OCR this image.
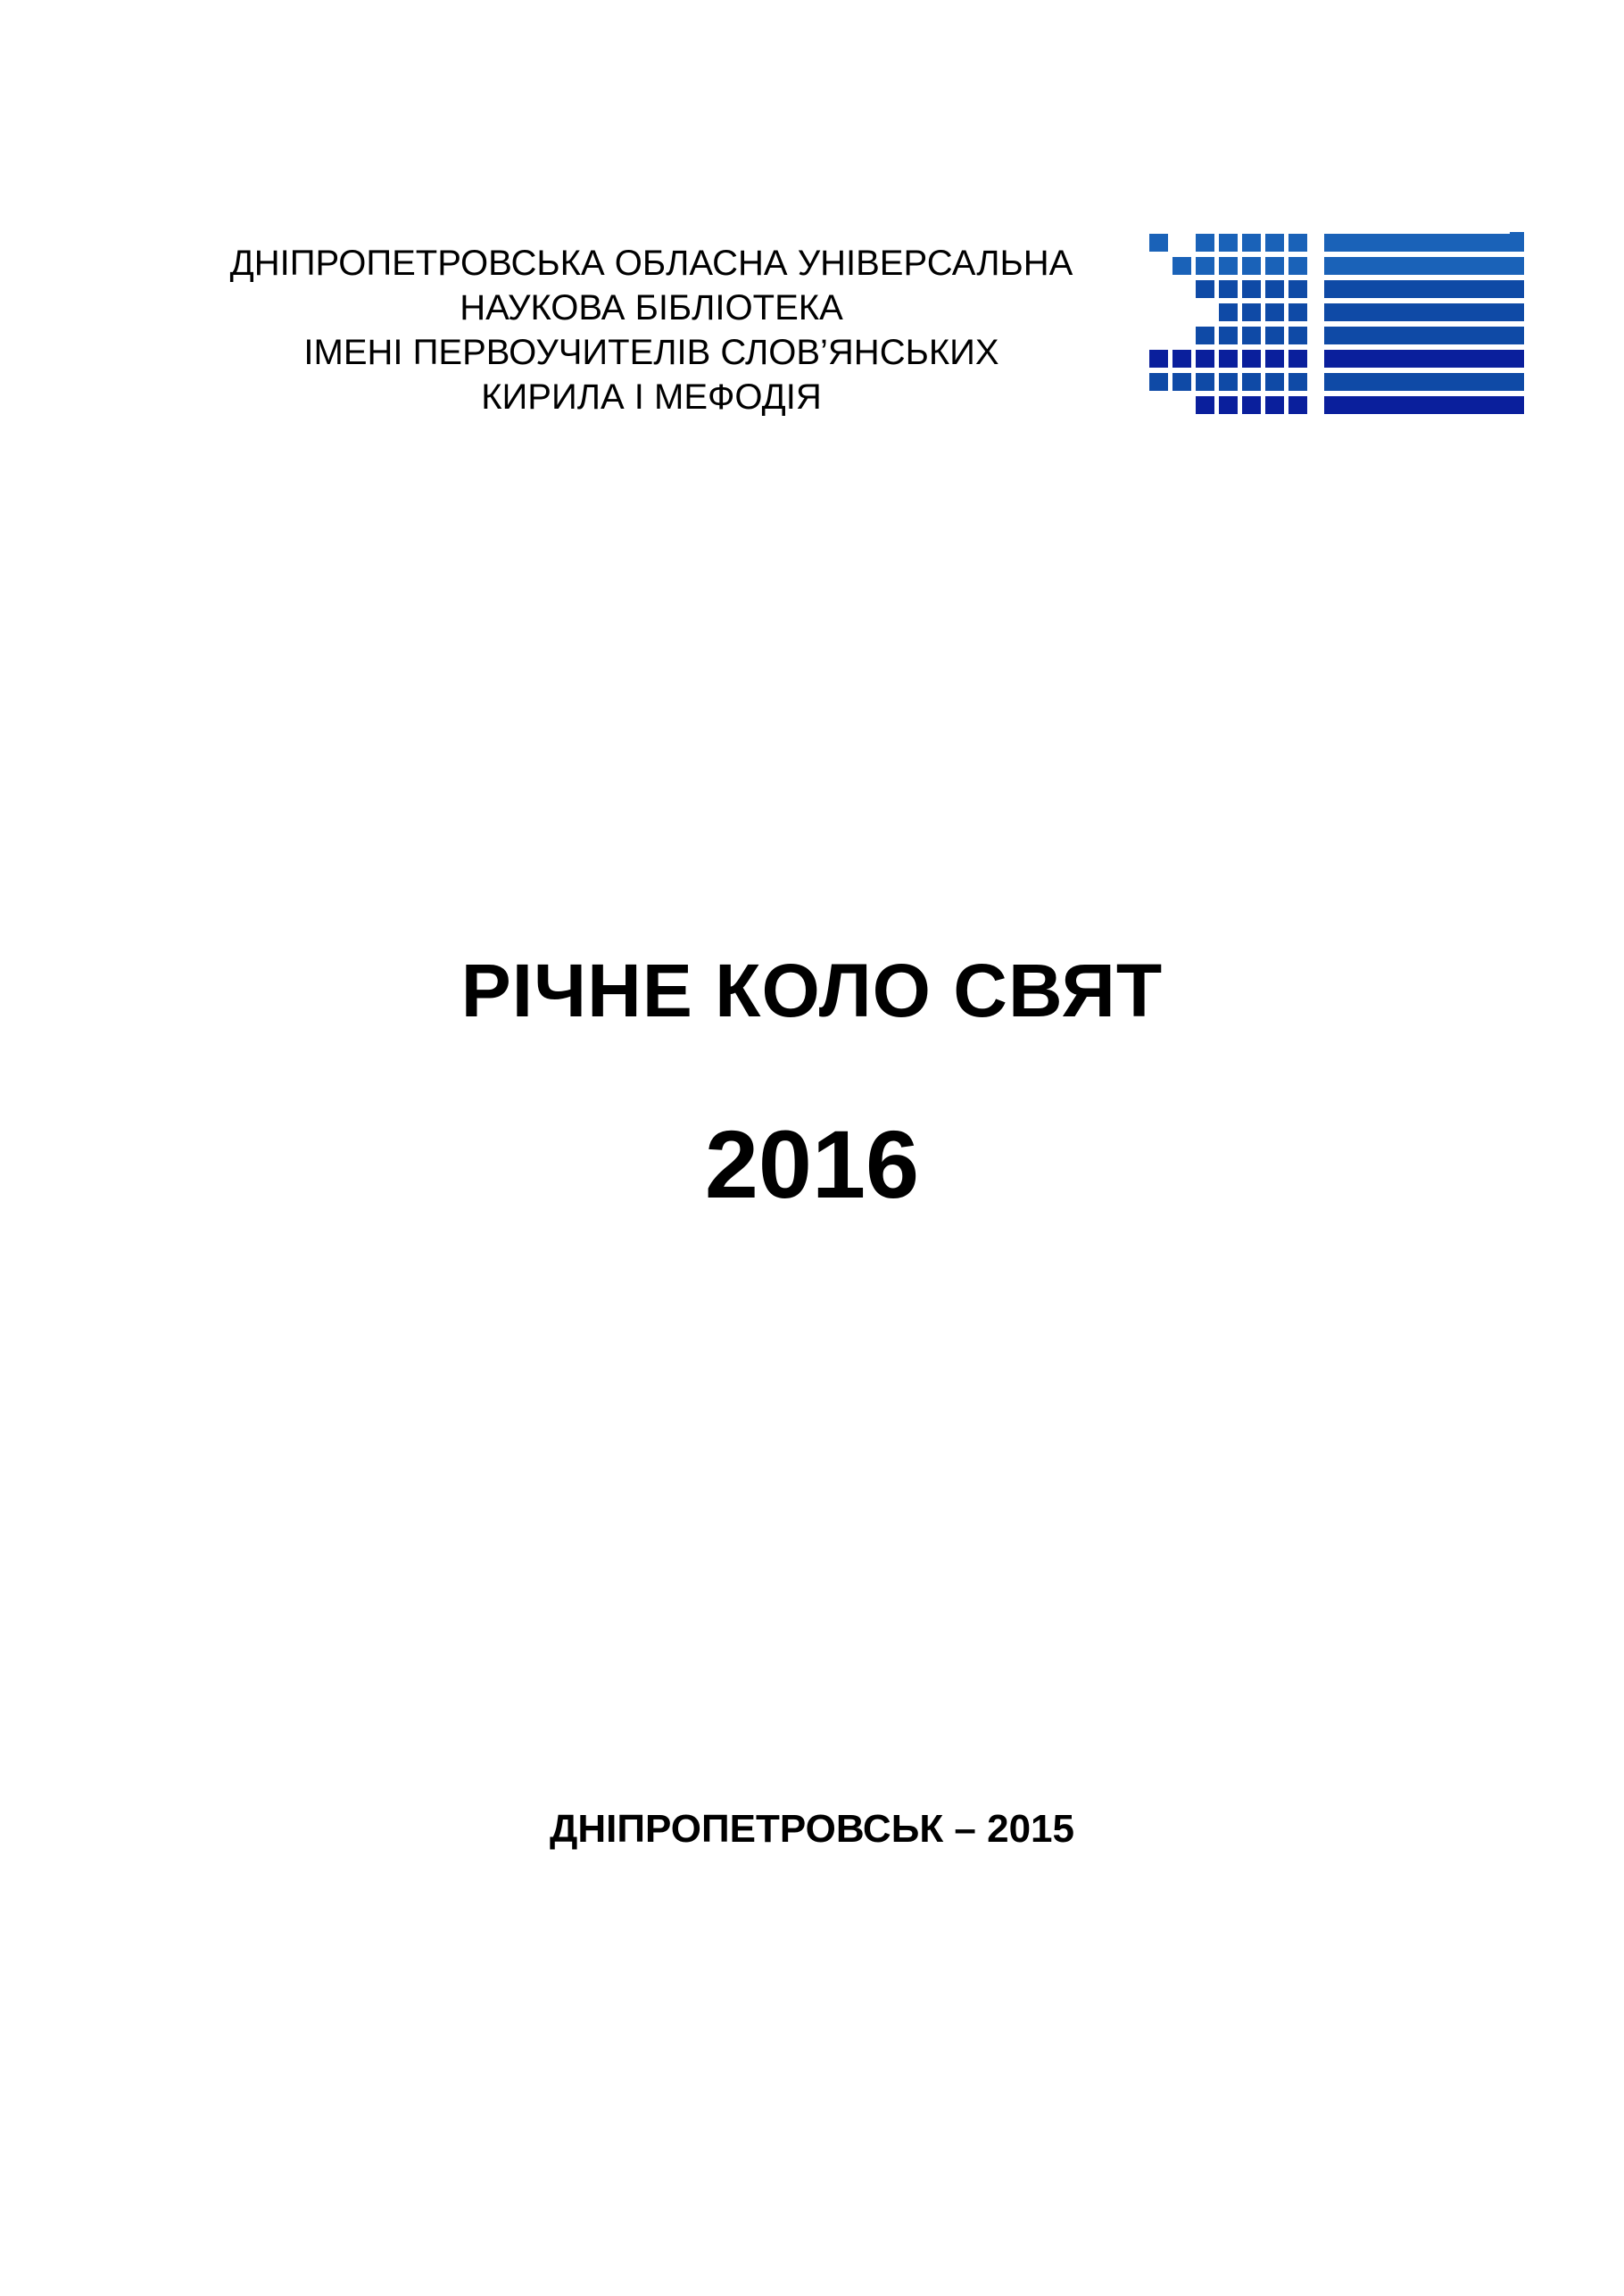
ДНІПРОПЕТРОВСЬКА ОБЛАСНА УНІВЕРСАЛЬНА
НАУКОВА БІБЛІОТЕКА
ІМЕНІ ПЕРВОУЧИТЕЛІВ СЛОВ’ЯНСЬКИХ
КИРИЛА І МЕФОДІЯ
РІЧНЕ КОЛО СВЯТ
2016
ДНІПРОПЕТРОВСЬК – 2015
